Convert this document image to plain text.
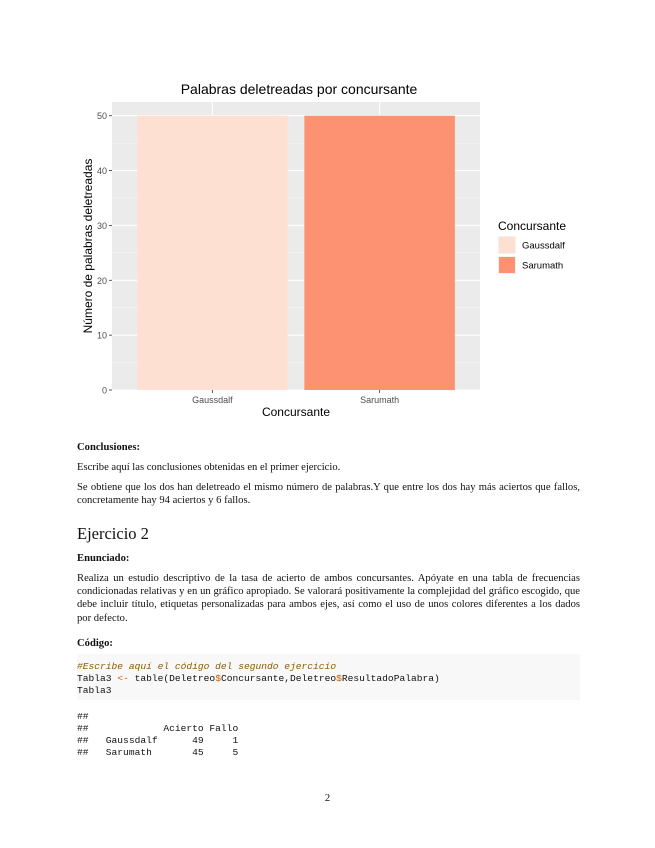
Palabras deletreadas por concursante
0
10
20
30
40
50
Gaussdalf	Sarumath
Concursante
Número de palabras deletreadas	Concursante
Gaussdalf
Sarumath

Conclusiones:

Escribe aquí las conclusiones obtenidas en el primer ejercicio.

Se obtiene que los dos han deletreado el mismo número de palabras.Y que entre los dos hay más aciertos que fallos, concretamente hay 94 aciertos y 6 fallos.

Ejercicio 2

Enunciado:

Realiza un estudio descriptivo de la tasa de acierto de ambos concursantes. Apóyate en una tabla de frecuencias condicionadas relativas y en un gráfico apropiado. Se valorará positivamente la complejidad del gráfico escogido, que debe incluir título, etiquetas personalizadas para ambos ejes, así como el uso de unos colores diferentes a los dados por defecto.

Código:

#Escribe aquí el código del segundo ejercicio

Tabla3 <- table(Deletreo$Concursante,Deletreo$ResultadoPalabra)

Tabla3

##

##             Acierto Fallo

##   Gaussdalf      49     1

##   Sarumath       45     5

2
